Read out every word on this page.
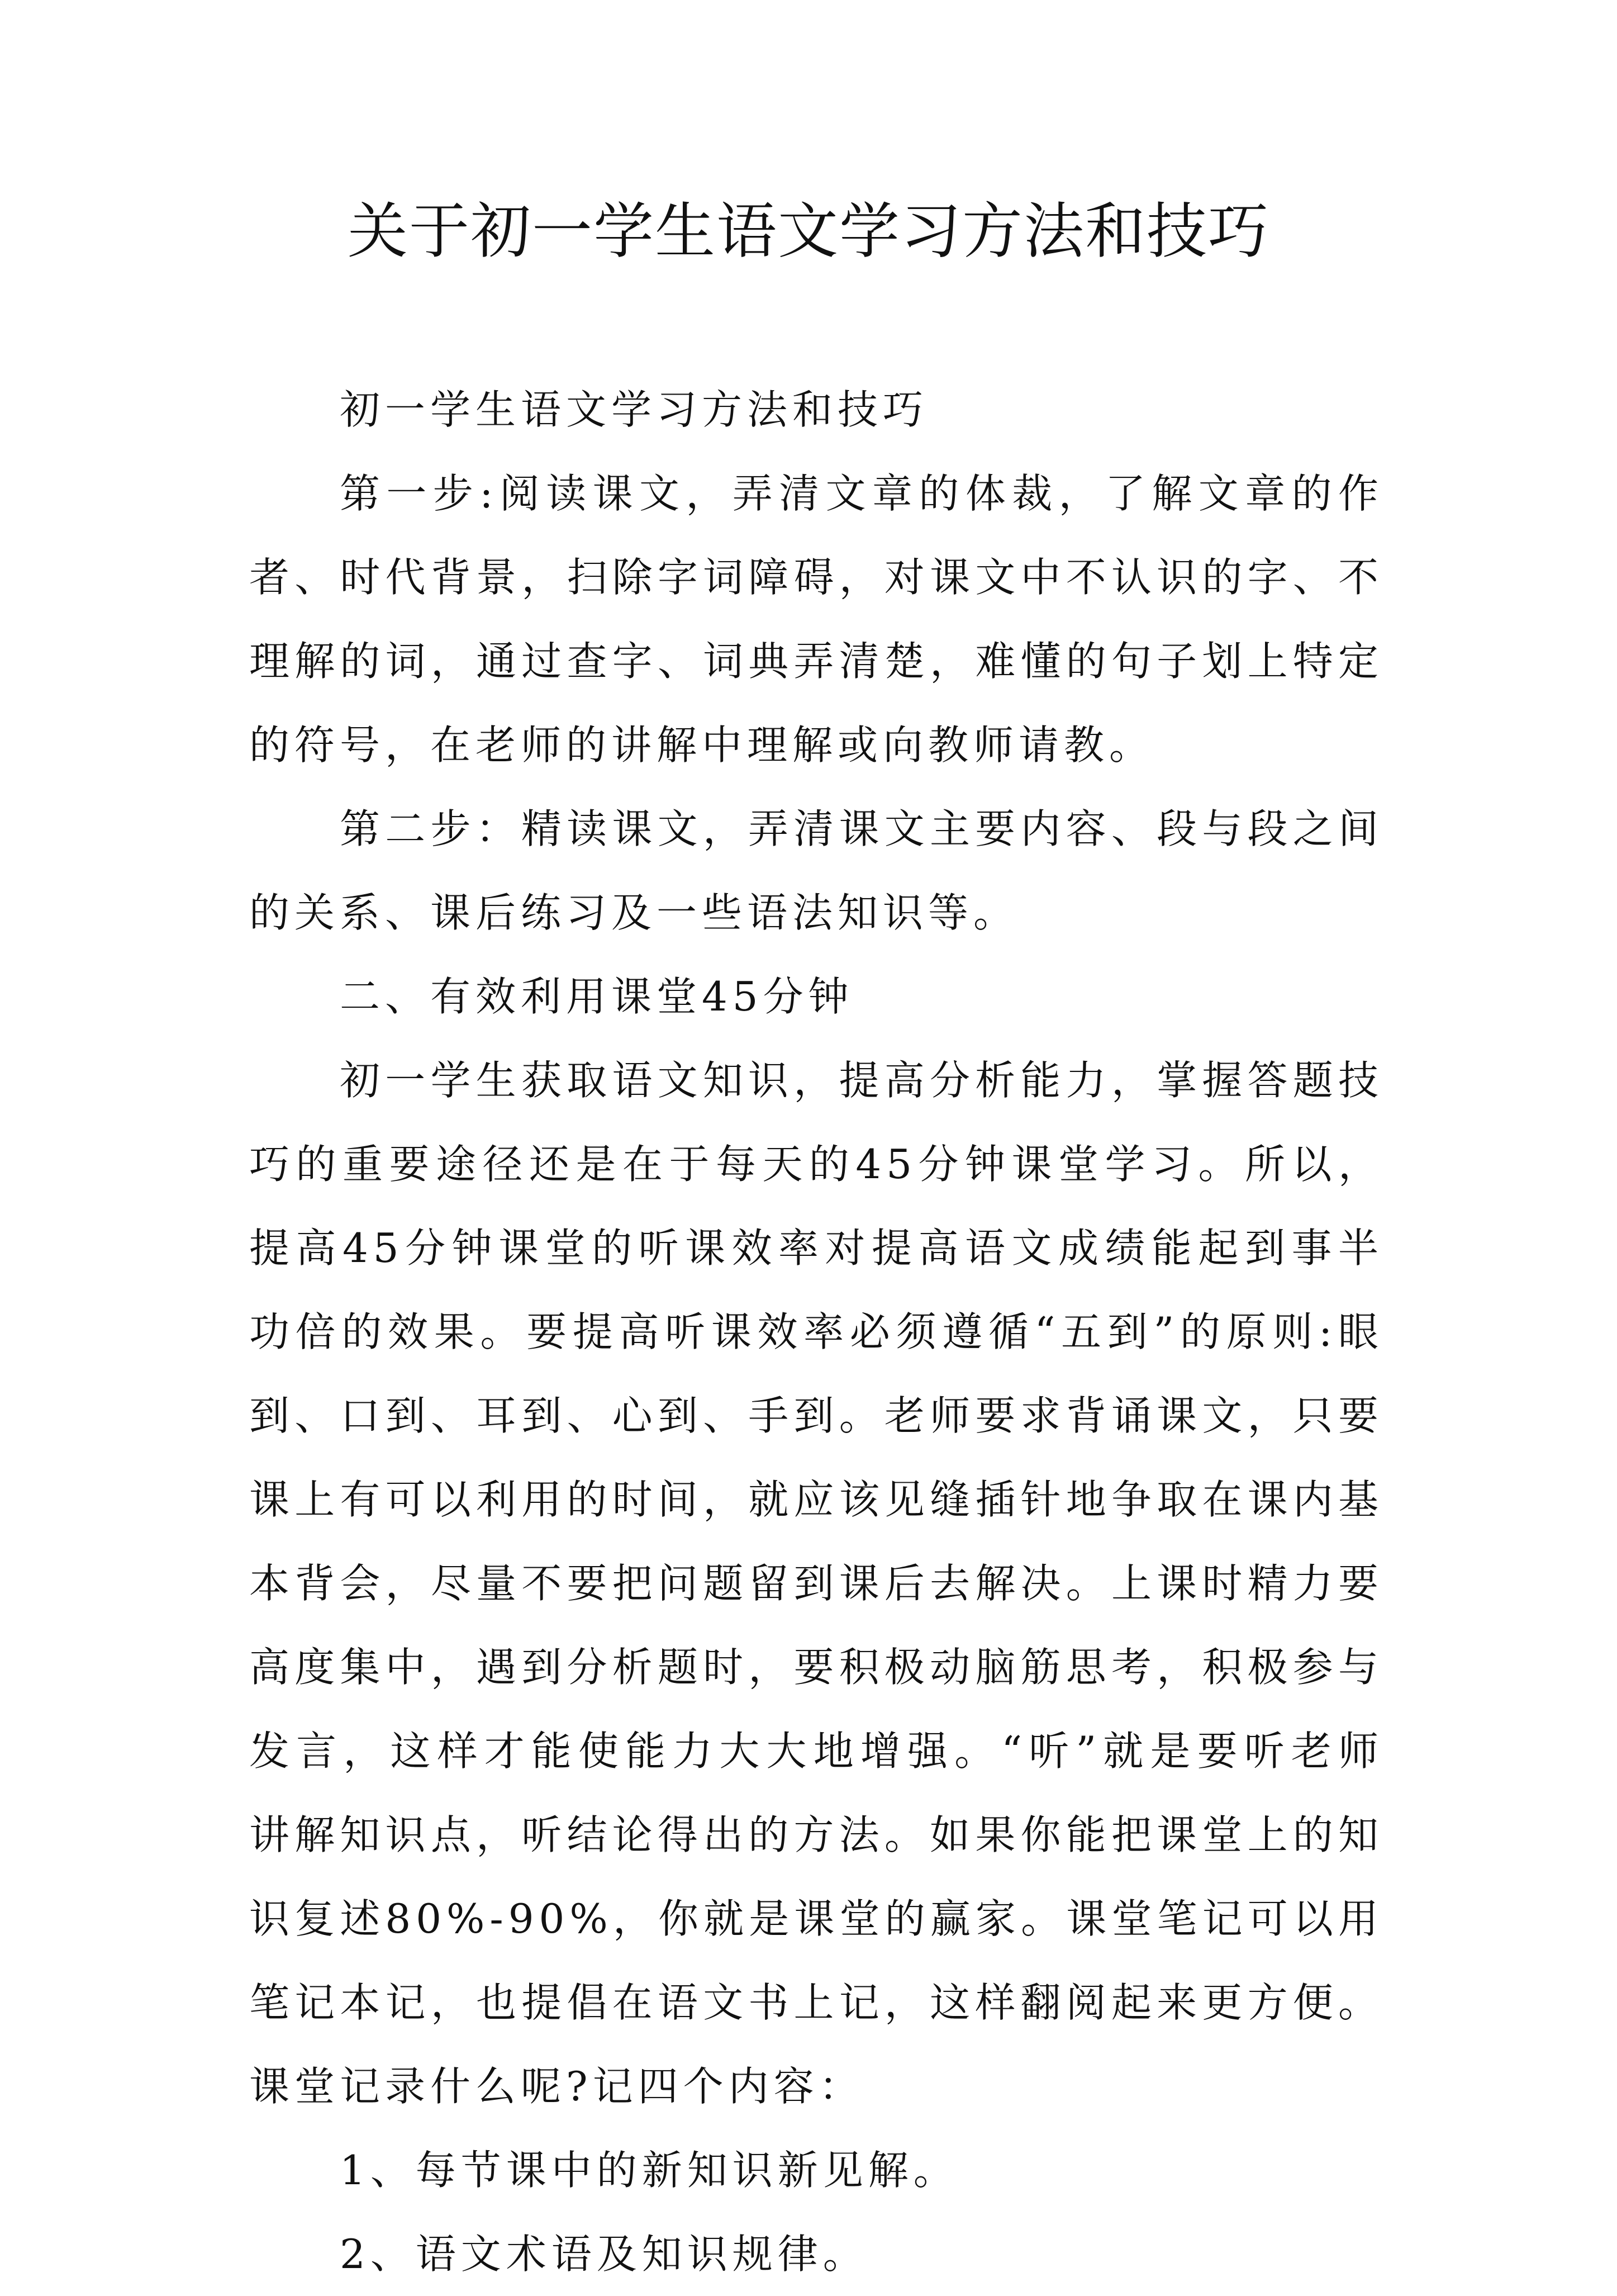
关于初一学生语文学习方法和技巧

初一学生语文学习方法和技巧

第一步:阅读课文，弄清文章的体裁，了解文章的作者、时代背景，扫除字词障碍，对课文中不认识的字、不理解的词，通过查字、词典弄清楚，难懂的句子划上特定的符号，在老师的讲解中理解或向教师请教。

第二步：精读课文，弄清课文主要内容、段与段之间的关系、课后练习及一些语法知识等。

二、有效利用课堂45分钟

初一学生获取语文知识，提高分析能力，掌握答题技巧的重要途径还是在于每天的45分钟课堂学习。所以，提高45分钟课堂的听课效率对提高语文成绩能起到事半功倍的效果。要提高听课效率必须遵循“五到”的原则:眼到、口到、耳到、心到、手到。老师要求背诵课文，只要课上有可以利用的时间，就应该见缝插针地争取在课内基本背会，尽量不要把问题留到课后去解决。上课时精力要高度集中，遇到分析题时，要积极动脑筋思考，积极参与发言，这样才能使能力大大地增强。“听”就是要听老师讲解知识点，听结论得出的方法。如果你能把课堂上的知识复述80%-90%，你就是课堂的赢家。课堂笔记可以用笔记本记，也提倡在语文书上记，这样翻阅起来更方便。课堂记录什么呢?记四个内容：

1、每节课中的新知识新见解。

2、语文术语及知识规律。
